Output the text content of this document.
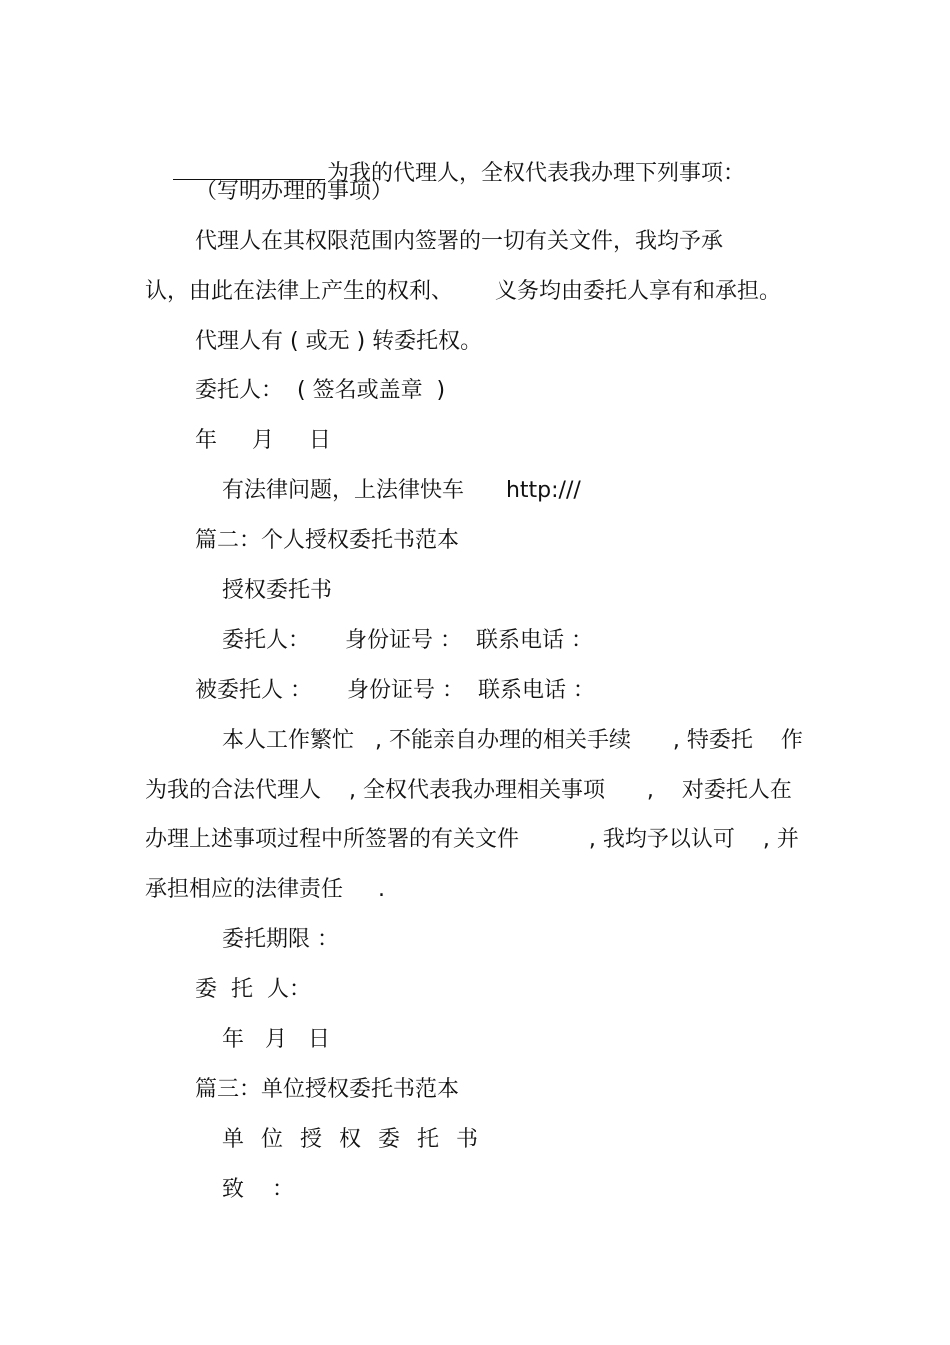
为我的代理人，全权代表我办理下列事项：

（写明办理的事项）
代理人在其权限范围内签署的一切有关文件，我均予承
认，由此在法律上产生的权利、      义务均由委托人享有和承担。
代理人有 ( 或无 ) 转委托权。
委托人：  ( 签名或盖章  )
年     月     日
有法律问题，上法律快车      http:///
篇二：个人授权委托书范本
授权委托书
委托人：     身份证号 ：  联系电话 ：
被委托人 ：     身份证号 ：  联系电话 ：
本人工作繁忙   , 不能亲自办理的相关手续      , 特委托    作
为我的合法代理人    , 全权代表我办理相关事项      ,    对委托人在
办理上述事项过程中所签署的有关文件          , 我均予以认可    , 并
承担相应的法律责任     .
委托期限 ：
委  托  人：
年   月   日
篇三：单位授权委托书范本
单位授权委托书
致    ：
